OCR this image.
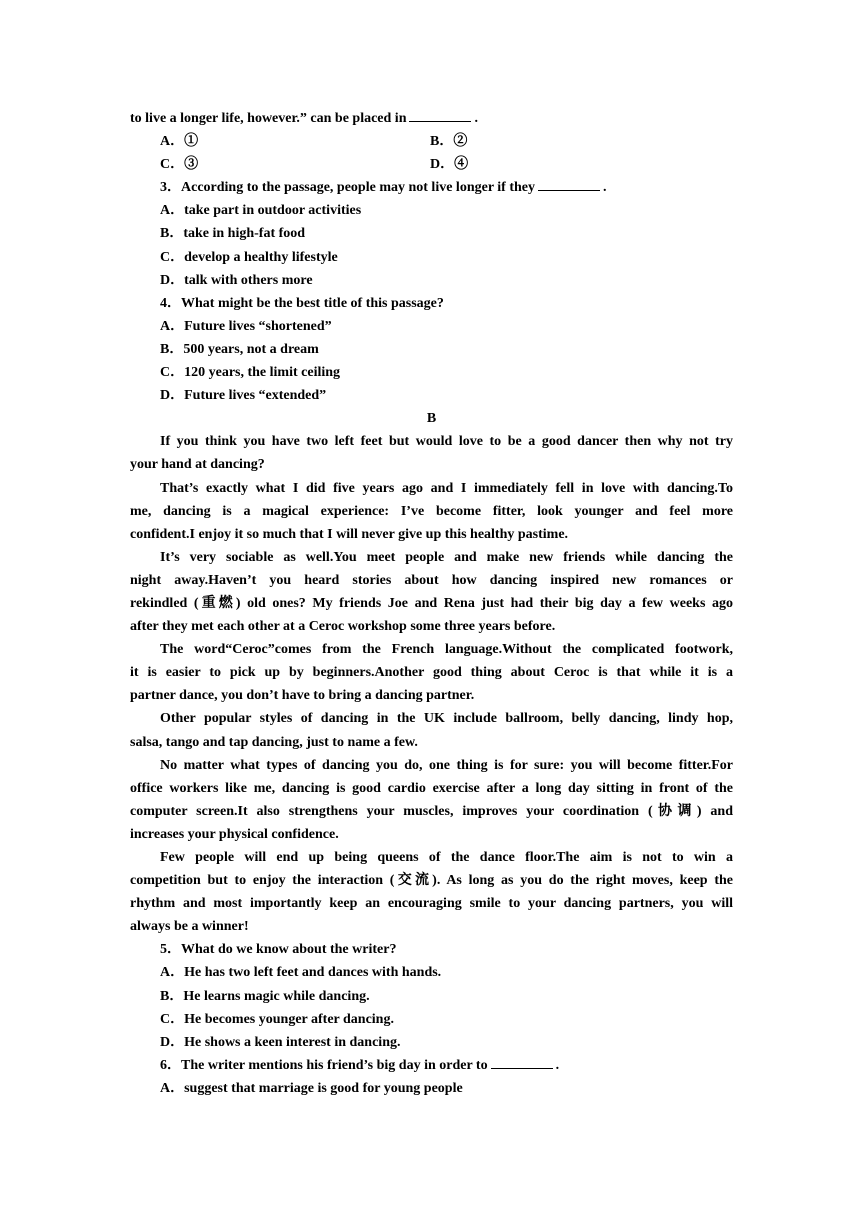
to live a longer life, however.” can be placed in	.
A．①	B．②
C．③	D．④
3．According to the passage, people may not live longer if they	.
A．take part in outdoor activities
B．take in high-fat food
C．develop a healthy lifestyle
D．talk with others more
4．What might be the best title of this passage?
A．Future lives “shortened”
B．500 years, not a dream
C．120 years, the limit ceiling
D．Future lives “extended”
B
If you think you have two left feet but would love to be a good dancer then why not try
your hand at dancing?
That’s exactly what I did five years ago and I immediately fell in love with dancing.To
me, dancing is a magical experience: I’ve become fitter, look younger and feel more
confident.I enjoy it so much that I will never give up this healthy pastime.
It’s very sociable as well.You meet people and make new friends while dancing the
night away.Haven’t you heard stories about how dancing inspired new romances or
rekindled (重燃) old ones? My friends Joe and Rena just had their big day a few weeks ago
after they met each other at a Ceroc workshop some three years before.
The word“Ceroc”comes from the French language.Without the complicated footwork,
it is easier to pick up by beginners.Another good thing about Ceroc is that while it is a
partner dance, you don’t have to bring a dancing partner.
Other popular styles of dancing in the UK include ballroom, belly dancing, lindy hop,
salsa, tango and tap dancing, just to name a few.
No matter what types of dancing you do, one thing is for sure: you will become fitter.For
office workers like me, dancing is good cardio exercise after a long day sitting in front of the
computer screen.It also strengthens your muscles, improves your coordination (协调) and
increases your physical confidence.
Few people will end up being queens of the dance floor.The aim is not to win a
competition but to enjoy the interaction (交流). As long as you do the right moves, keep the
rhythm and most importantly keep an encouraging smile to your dancing partners, you will
always be a winner!
5．What do we know about the writer?
A．He has two left feet and dances with hands.
B．He learns magic while dancing.
C．He becomes younger after dancing.
D．He shows a keen interest in dancing.
6．The writer mentions his friend’s big day in order to	.
A．suggest that marriage is good for young people
